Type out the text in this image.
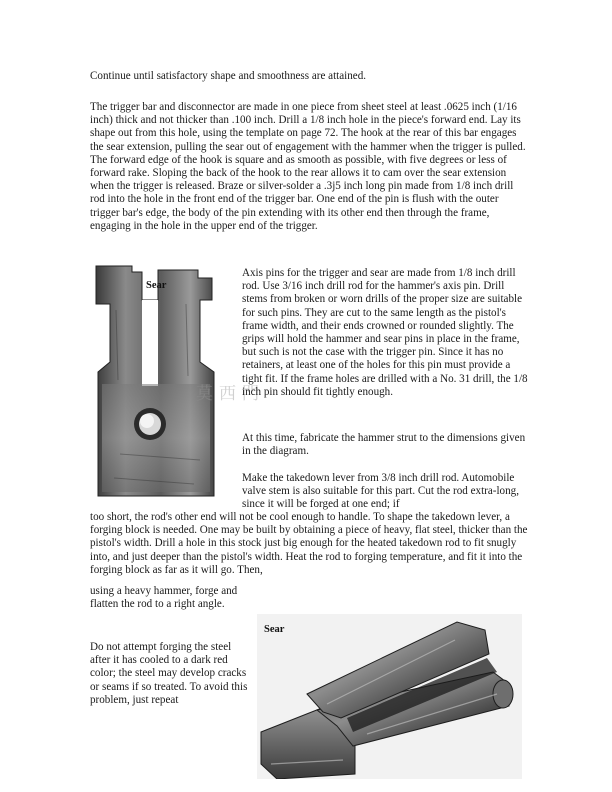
Continue until satisfactory shape and smoothness are attained.

The trigger bar and disconnector are made in one piece from sheet steel at least .0625 inch (1/16 inch) thick and not thicker than .100 inch. Drill a 1/8 inch hole in the piece's forward end. Lay its shape out from this hole, using the template on page 72. The hook at the rear of this bar engages the sear extension, pulling the sear out of engagement with the hammer when the trigger is pulled. The forward edge of the hook is square and as smooth as possible, with five degrees or less of forward rake. Sloping the back of the hook to the rear allows it to cam over the sear extension when the trigger is released. Braze or silver-solder a .3j5 inch long pin made from 1/8 inch drill rod into the hole in the front end of the trigger bar. One end of the pin is flush with the outer trigger bar's edge, the body of the pin extending with its other end then through the frame, engaging in the hole in the upper end of the trigger.

Sear
莫西門

Axis pins for the trigger and sear are made from 1/8 inch drill rod. Use 3/16 inch drill rod for the hammer's axis pin. Drill stems from broken or worn drills of the proper size are suitable for such pins. They are cut to the same length as the pistol's frame width, and their ends crowned or rounded slightly. The grips will hold the hammer and sear pins in place in the frame, but such is not the case with the trigger pin. Since it has no retainers, at least one of the holes for this pin must provide a tight fit. If the frame holes are drilled with a No. 31 drill, the 1/8 inch pin should fit tightly enough.

At this time, fabricate the hammer strut to the dimensions given in the diagram.

Make the takedown lever from 3/8 inch drill rod. Automobile valve stem is also suitable for this part. Cut the rod extra-long, since it will be forged at one end; if

too short, the rod's other end will not be cool enough to handle. To shape the takedown lever, a forging block is needed. One may be built by obtaining a piece of heavy, flat steel, thicker than the pistol's width. Drill a hole in this stock just big enough for the heated takedown rod to fit snugly into, and just deeper than the pistol's width. Heat the rod to forging temperature, and fit it into the forging block as far as it will go. Then,

using a heavy hammer, forge and flatten the rod to a right angle.

Do not attempt forging the steel after it has cooled to a dark red color; the steel may develop cracks or seams if so treated. To avoid this problem, just repeat

Sear
